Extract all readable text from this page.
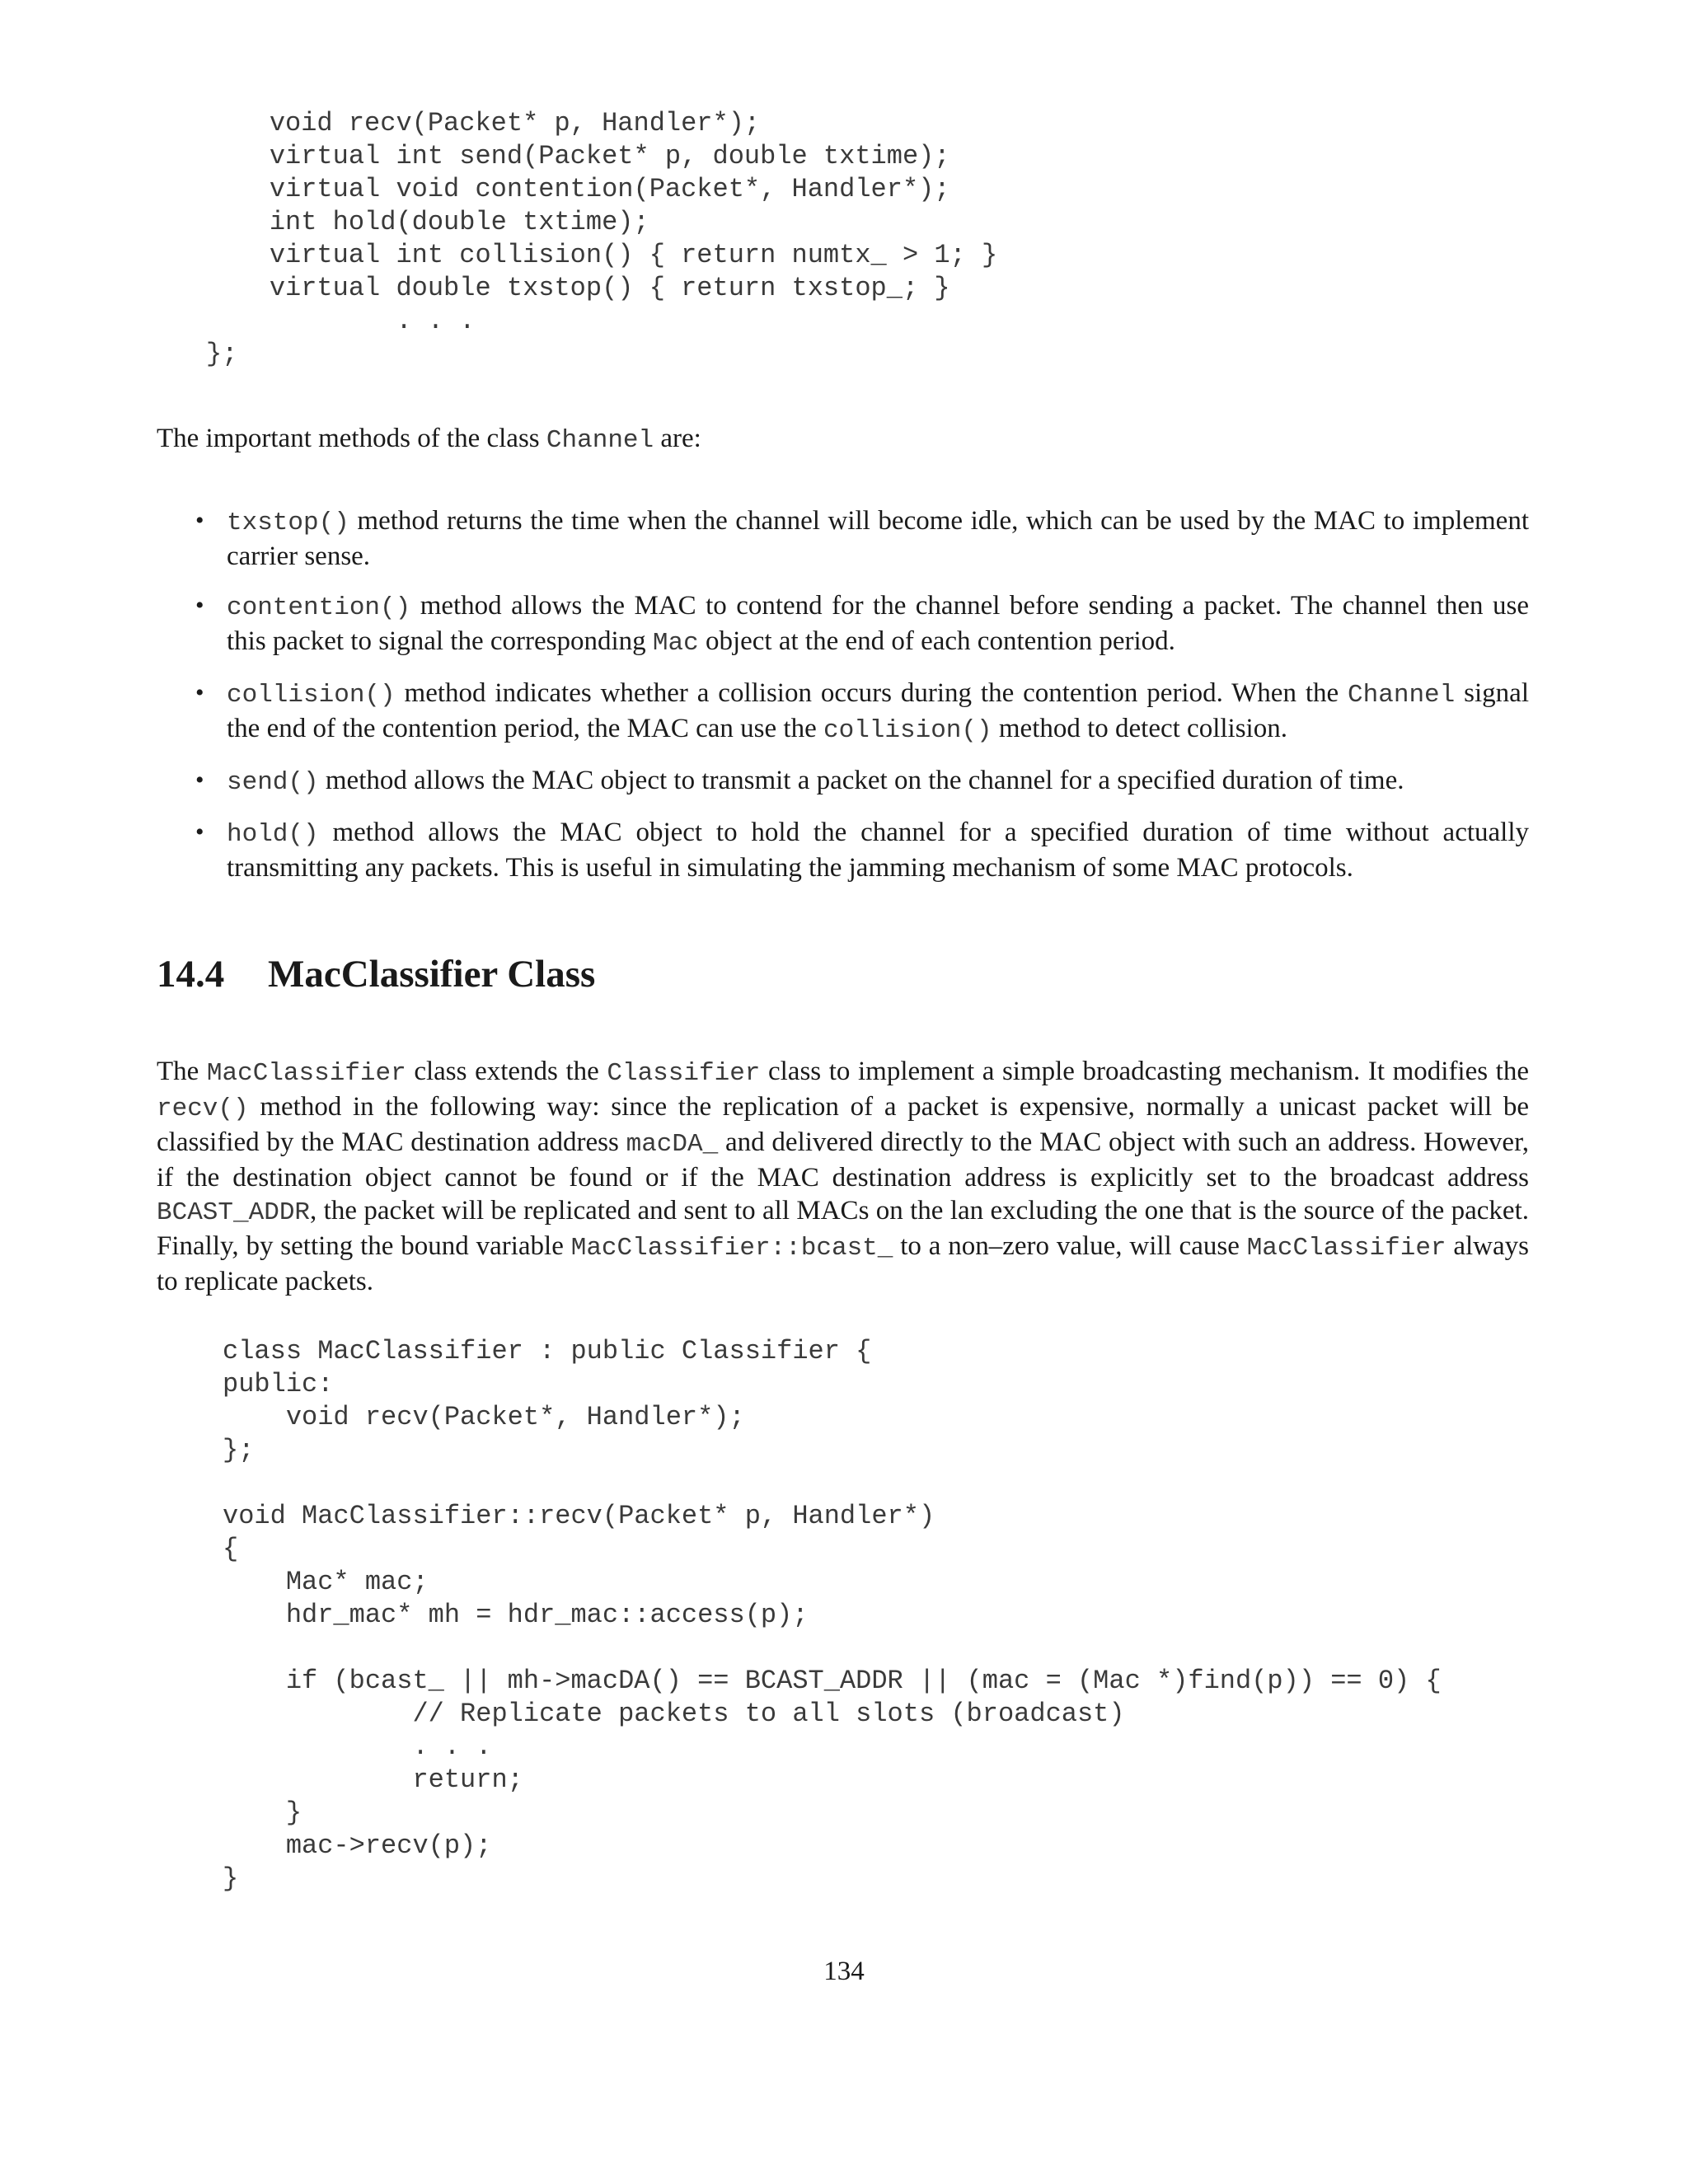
void recv(Packet* p, Handler*);
virtual int send(Packet* p, double txtime);
virtual void contention(Packet*, Handler*);
int hold(double txtime);
virtual int collision() { return numtx_ > 1; }
virtual double txstop() { return txstop_; }
. . .
};

The important methods of the class Channel are:

• txstop() method returns the time when the channel will become idle, which can be used by the MAC to implement carrier sense.
• contention() method allows the MAC to contend for the channel before sending a packet. The channel then use this packet to signal the corresponding Mac object at the end of each contention period.
• collision() method indicates whether a collision occurs during the contention period. When the Channel signal the end of the contention period, the MAC can use the collision() method to detect collision.
• send() method allows the MAC object to transmit a packet on the channel for a specified duration of time.
• hold() method allows the MAC object to hold the channel for a specified duration of time without actually transmitting any packets. This is useful in simulating the jamming mechanism of some MAC protocols.
14.4 MacClassifier Class

The MacClassifier class extends the Classifier class to implement a simple broadcasting mechanism. It modifies the recv() method in the following way: since the replication of a packet is expensive, normally a unicast packet will be classified by the MAC destination address macDA_ and delivered directly to the MAC object with such an address. However, if the destination object cannot be found or if the MAC destination address is explicitly set to the broadcast address BCAST_ADDR, the packet will be replicated and sent to all MACs on the lan excluding the one that is the source of the packet. Finally, by setting the bound variable MacClassifier::bcast_ to a non–zero value, will cause MacClassifier always to replicate packets.

class MacClassifier : public Classifier {
public:
void recv(Packet*, Handler*);
};

void MacClassifier::recv(Packet* p, Handler*)
{
Mac* mac;
hdr_mac* mh = hdr_mac::access(p);

if (bcast_ || mh->macDA() == BCAST_ADDR || (mac = (Mac *)find(p)) == 0) {
// Replicate packets to all slots (broadcast)
. . .
return;
}
mac->recv(p);
}
134
